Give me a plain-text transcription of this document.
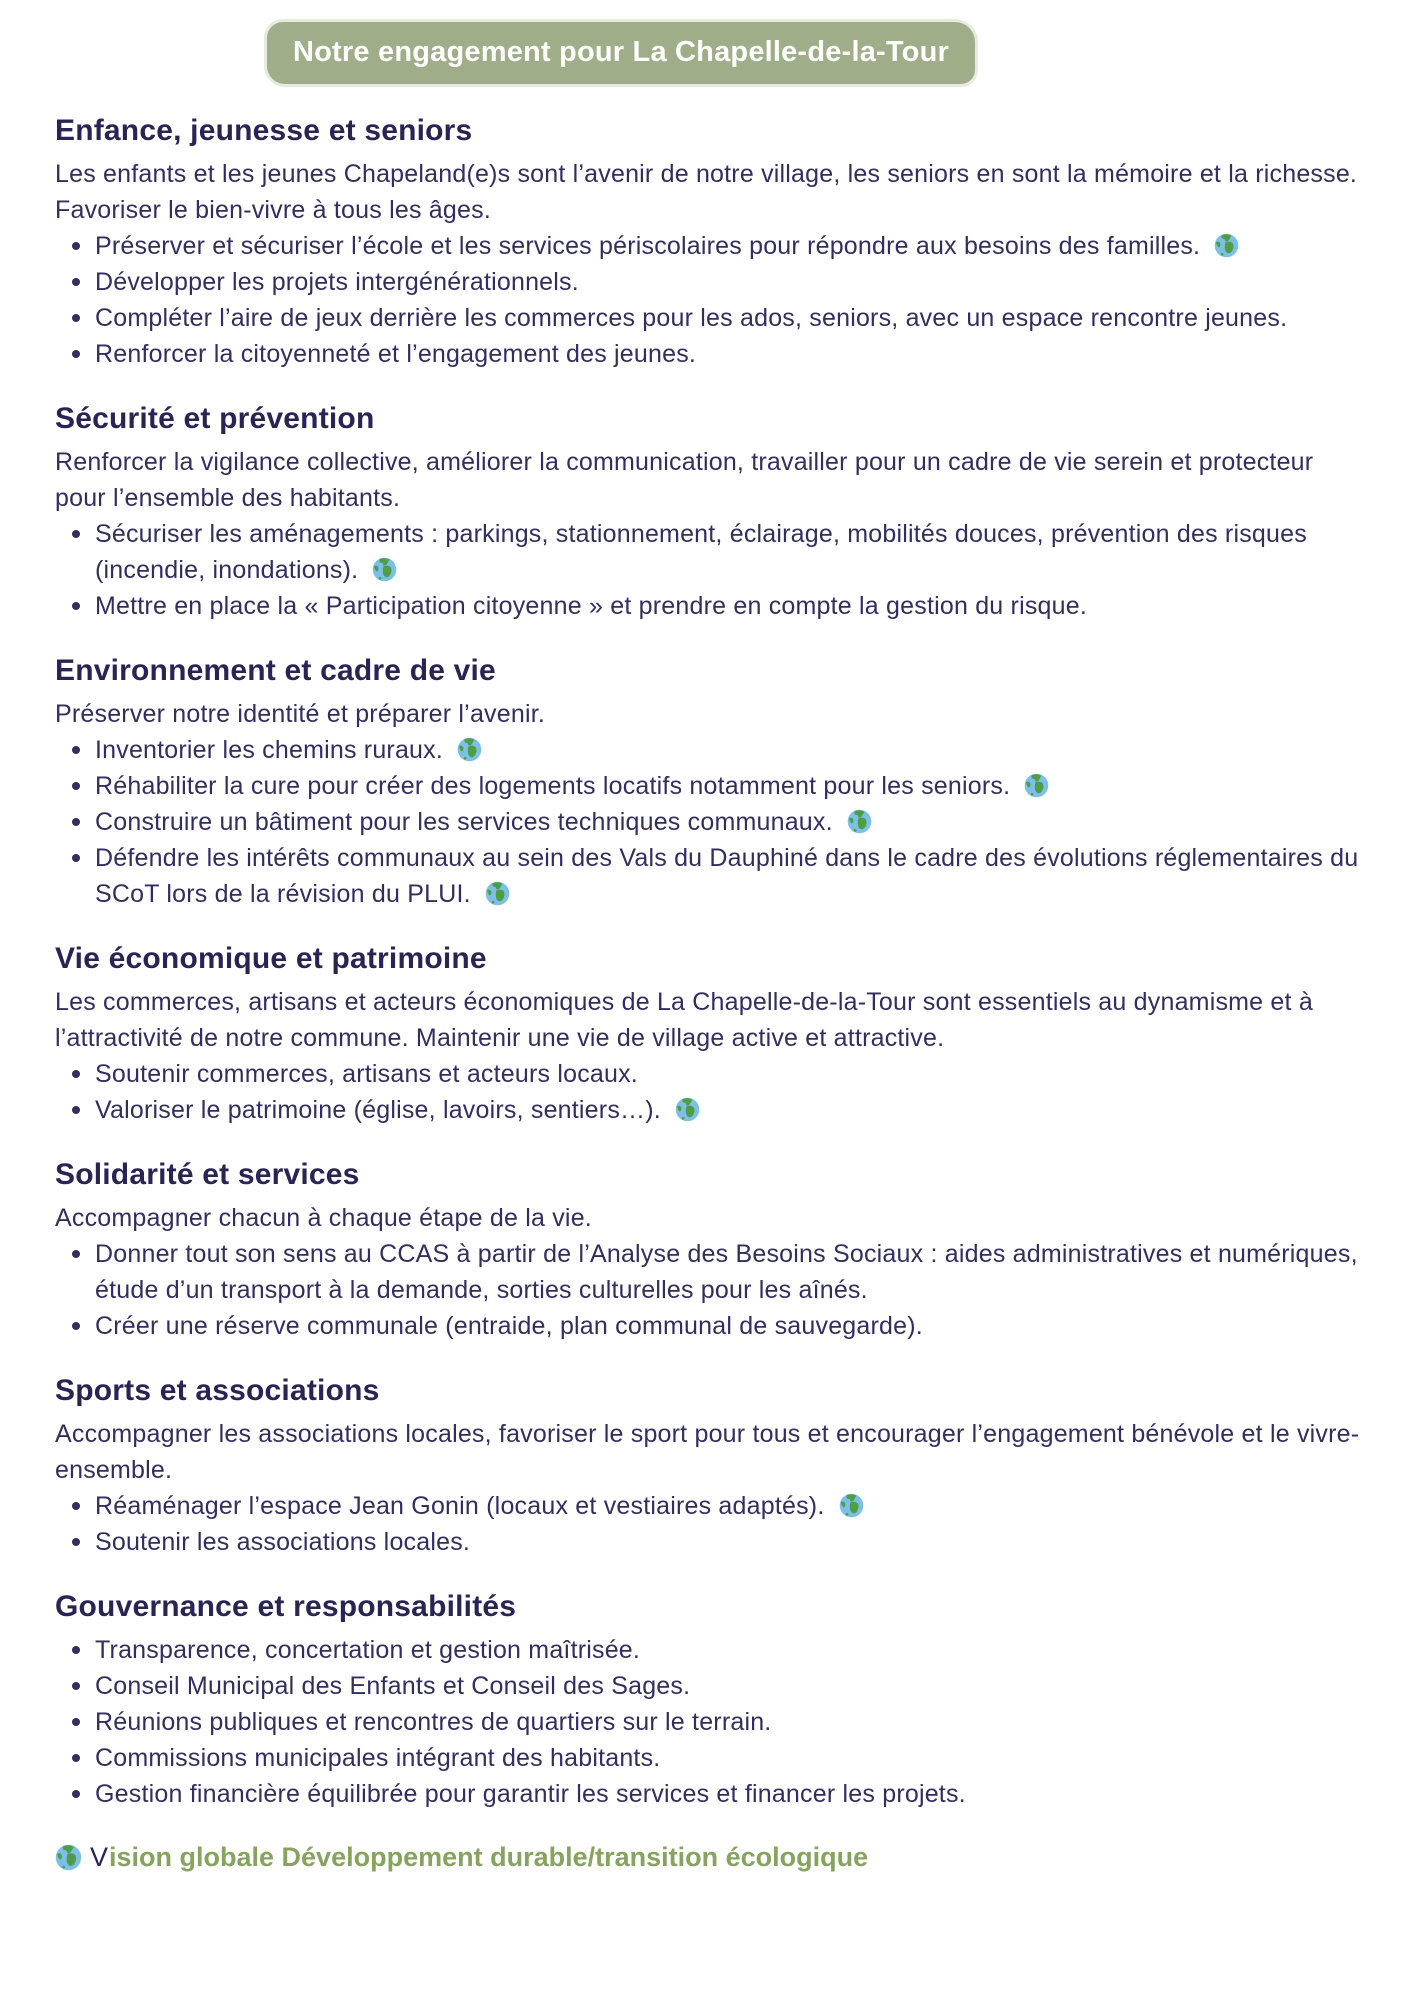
Notre engagement pour La Chapelle-de-la-Tour
Enfance, jeunesse et seniors

Les enfants et les jeunes Chapeland(e)s sont l’avenir de notre village, les seniors en sont la mémoire et la richesse. Favoriser le bien-vivre à tous les âges.

Préserver et sécuriser l’école et les services périscolaires pour répondre aux besoins des familles.
Développer les projets intergénérationnels.
Compléter l’aire de jeux derrière les commerces pour les ados, seniors, avec un espace rencontre jeunes.
Renforcer la citoyenneté et l’engagement des jeunes.
Sécurité et prévention

Renforcer la vigilance collective, améliorer la communication, travailler pour un cadre de vie serein et protecteur pour l’ensemble des habitants.

Sécuriser les aménagements : parkings, stationnement, éclairage, mobilités douces, prévention des risques (incendie, inondations).
Mettre en place la « Participation citoyenne » et prendre en compte la gestion du risque.
Environnement et cadre de vie

Préserver notre identité et préparer l’avenir.

Inventorier les chemins ruraux.
Réhabiliter la cure pour créer des logements locatifs notamment pour les seniors.
Construire un bâtiment pour les services techniques communaux.
Défendre les intérêts communaux au sein des Vals du Dauphiné dans le cadre des évolutions réglementaires du SCoT lors de la révision du PLUI.
Vie économique et patrimoine

Les commerces, artisans et acteurs économiques de La Chapelle-de-la-Tour sont essentiels au dynamisme et à l’attractivité de notre commune. Maintenir une vie de village active et attractive.

Soutenir commerces, artisans et acteurs locaux.
Valoriser le patrimoine (église, lavoirs, sentiers…).
Solidarité et services

Accompagner chacun à chaque étape de la vie.

Donner tout son sens au CCAS à partir de l’Analyse des Besoins Sociaux : aides administratives et numériques, étude d’un transport à la demande, sorties culturelles pour les aînés.
Créer une réserve communale (entraide, plan communal de sauvegarde).
Sports et associations

Accompagner les associations locales, favoriser le sport pour tous et encourager l’engagement bénévole et le vivre-ensemble.

Réaménager l’espace Jean Gonin (locaux et vestiaires adaptés).
Soutenir les associations locales.
Gouvernance et responsabilités
Transparence, concertation et gestion maîtrisée.
Conseil Municipal des Enfants et Conseil des Sages.
Réunions publiques et rencontres de quartiers sur le terrain.
Commissions municipales intégrant des habitants.
Gestion financière équilibrée pour garantir les services et financer les projets.
V ision globale Développement durable/transition écologique
